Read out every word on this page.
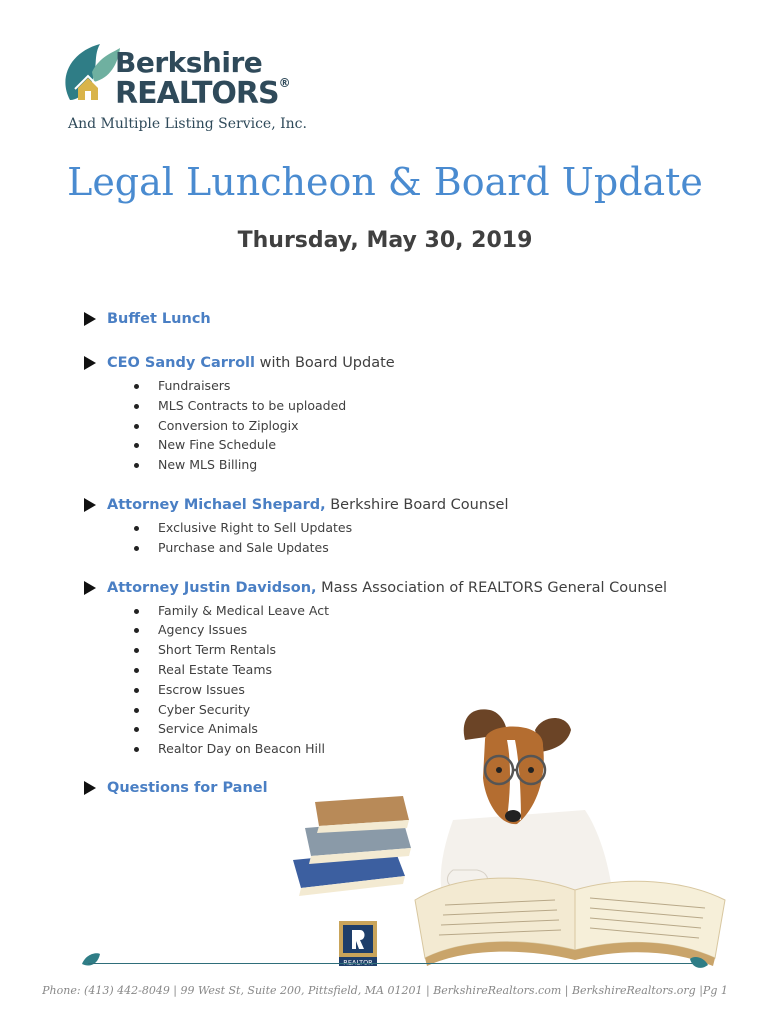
Berkshire
REALTORS®
And Multiple Listing Service, Inc.
Legal Luncheon & Board Update
Thursday, May 30, 2019
Buffet Lunch
CEO Sandy Carroll with Board Update
Fundraisers
MLS Contracts to be uploaded
Conversion to Ziplogix
New Fine Schedule
New MLS Billing
Attorney Michael Shepard, Berkshire Board Counsel
Exclusive Right to Sell Updates
Purchase and Sale Updates
Attorney Justin Davidson, Mass Association of REALTORS General Counsel
Family & Medical Leave Act
Agency Issues
Short Term Rentals
Real Estate Teams
Escrow Issues
Cyber Security
Service Animals
Realtor Day on Beacon Hill
Questions for Panel
Phone: (413) 442-8049 | 99 West St, Suite 200, Pittsfield, MA 01201 | BerkshireRealtors.com | BerkshireRealtors.org |Pg 1
